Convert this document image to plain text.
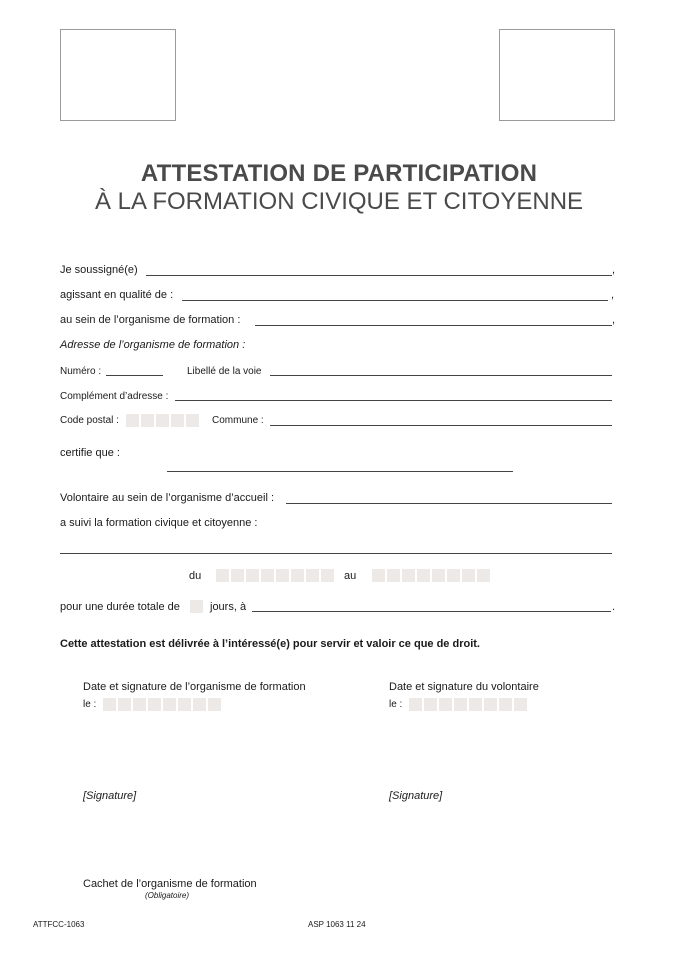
ATTESTATION DE PARTICIPATION
À LA FORMATION CIVIQUE ET CITOYENNE
Je soussigné(e)	,
agissant en qualité de :	,
au sein de l’organisme de formation :	,
Adresse de l’organisme de formation :
Numéro :	Libellé de la voie
Complément d’adresse :
Code postal :	Commune :
certifie que :
Volontaire au sein de l’organisme d’accueil :
a suivi la formation civique et citoyenne :
du	au
pour une durée totale de	jours, à	.
Cette attestation est délivrée à l’intéressé(e) pour servir et valoir ce que de droit.
Date et signature de l’organisme de formation
le :
Date et signature du volontaire
le :
[Signature]	[Signature]
Cachet de l’organisme de formation
(Obligatoire)
ATTFCC-1063	ASP 1063 11 24
